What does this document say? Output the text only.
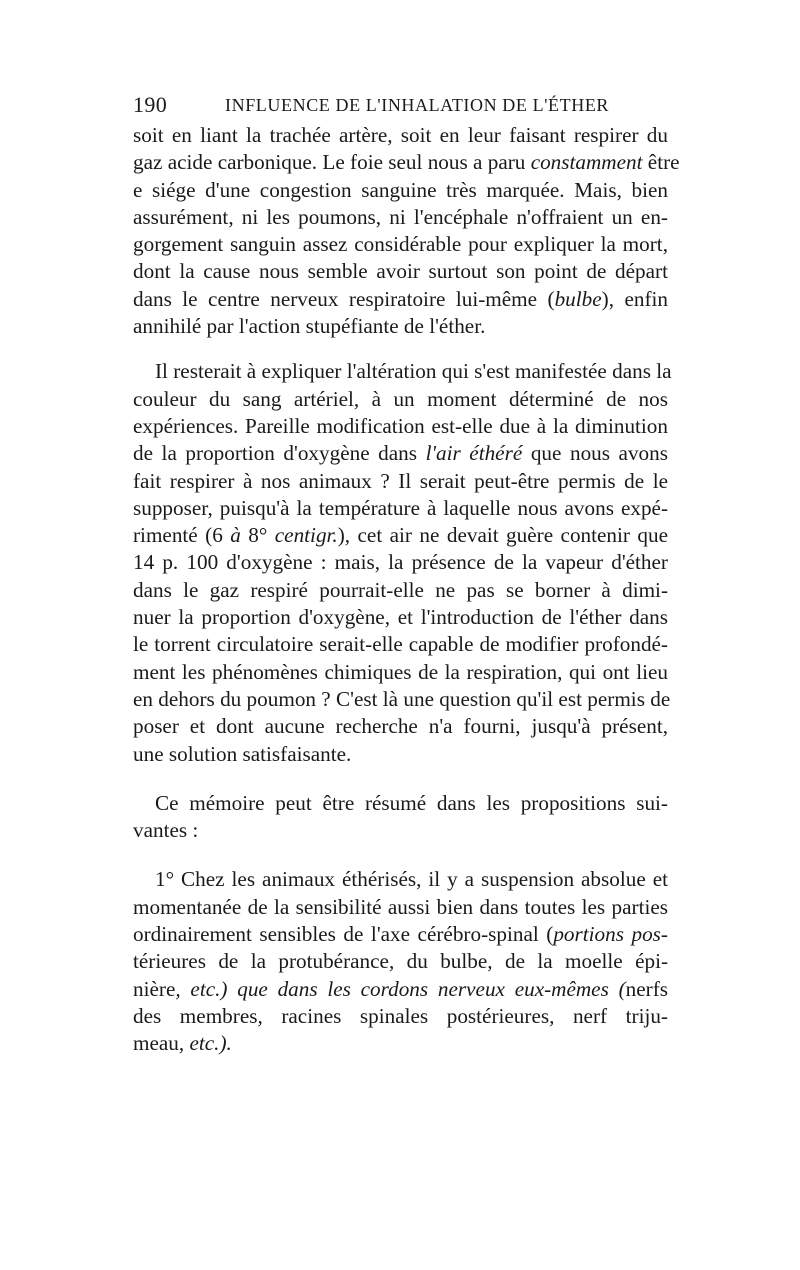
190	INFLUENCE DE L'INHALATION DE L'ÉTHER
soit en liant la trachée artère, soit en leur faisant respirer du
gaz acide carbonique. Le foie seul nous a paru constamment être
e siége d'une congestion sanguine très marquée. Mais, bien
assurément, ni les poumons, ni l'encéphale n'offraient un en-
gorgement sanguin assez considérable pour expliquer la mort,
dont la cause nous semble avoir surtout son point de départ
dans le centre nerveux respiratoire lui-même (bulbe), enfin
annihilé par l'action stupéfiante de l'éther.
Il resterait à expliquer l'altération qui s'est manifestée dans la
couleur du sang artériel, à un moment déterminé de nos
expériences. Pareille modification est-elle due à la diminution
de la proportion d'oxygène dans l'air éthéré que nous avons
fait respirer à nos animaux ? Il serait peut-être permis de le
supposer, puisqu'à la température à laquelle nous avons expé-
rimenté (6 à 8° centigr.), cet air ne devait guère contenir que
14 p. 100 d'oxygène : mais, la présence de la vapeur d'éther
dans le gaz respiré pourrait-elle ne pas se borner à dimi-
nuer la proportion d'oxygène, et l'introduction de l'éther dans
le torrent circulatoire serait-elle capable de modifier profondé-
ment les phénomènes chimiques de la respiration, qui ont lieu
en dehors du poumon ? C'est là une question qu'il est permis de
poser et dont aucune recherche n'a fourni, jusqu'à présent,
une solution satisfaisante.
Ce mémoire peut être résumé dans les propositions sui-
vantes :
1° Chez les animaux éthérisés, il y a suspension absolue et
momentanée de la sensibilité aussi bien dans toutes les parties
ordinairement sensibles de l'axe cérébro-spinal (portions pos-
térieures de la protubérance, du bulbe, de la moelle épi-
nière, etc.) que dans les cordons nerveux eux-mêmes (nerfs
des membres, racines spinales postérieures, nerf triju-
meau, etc.).
